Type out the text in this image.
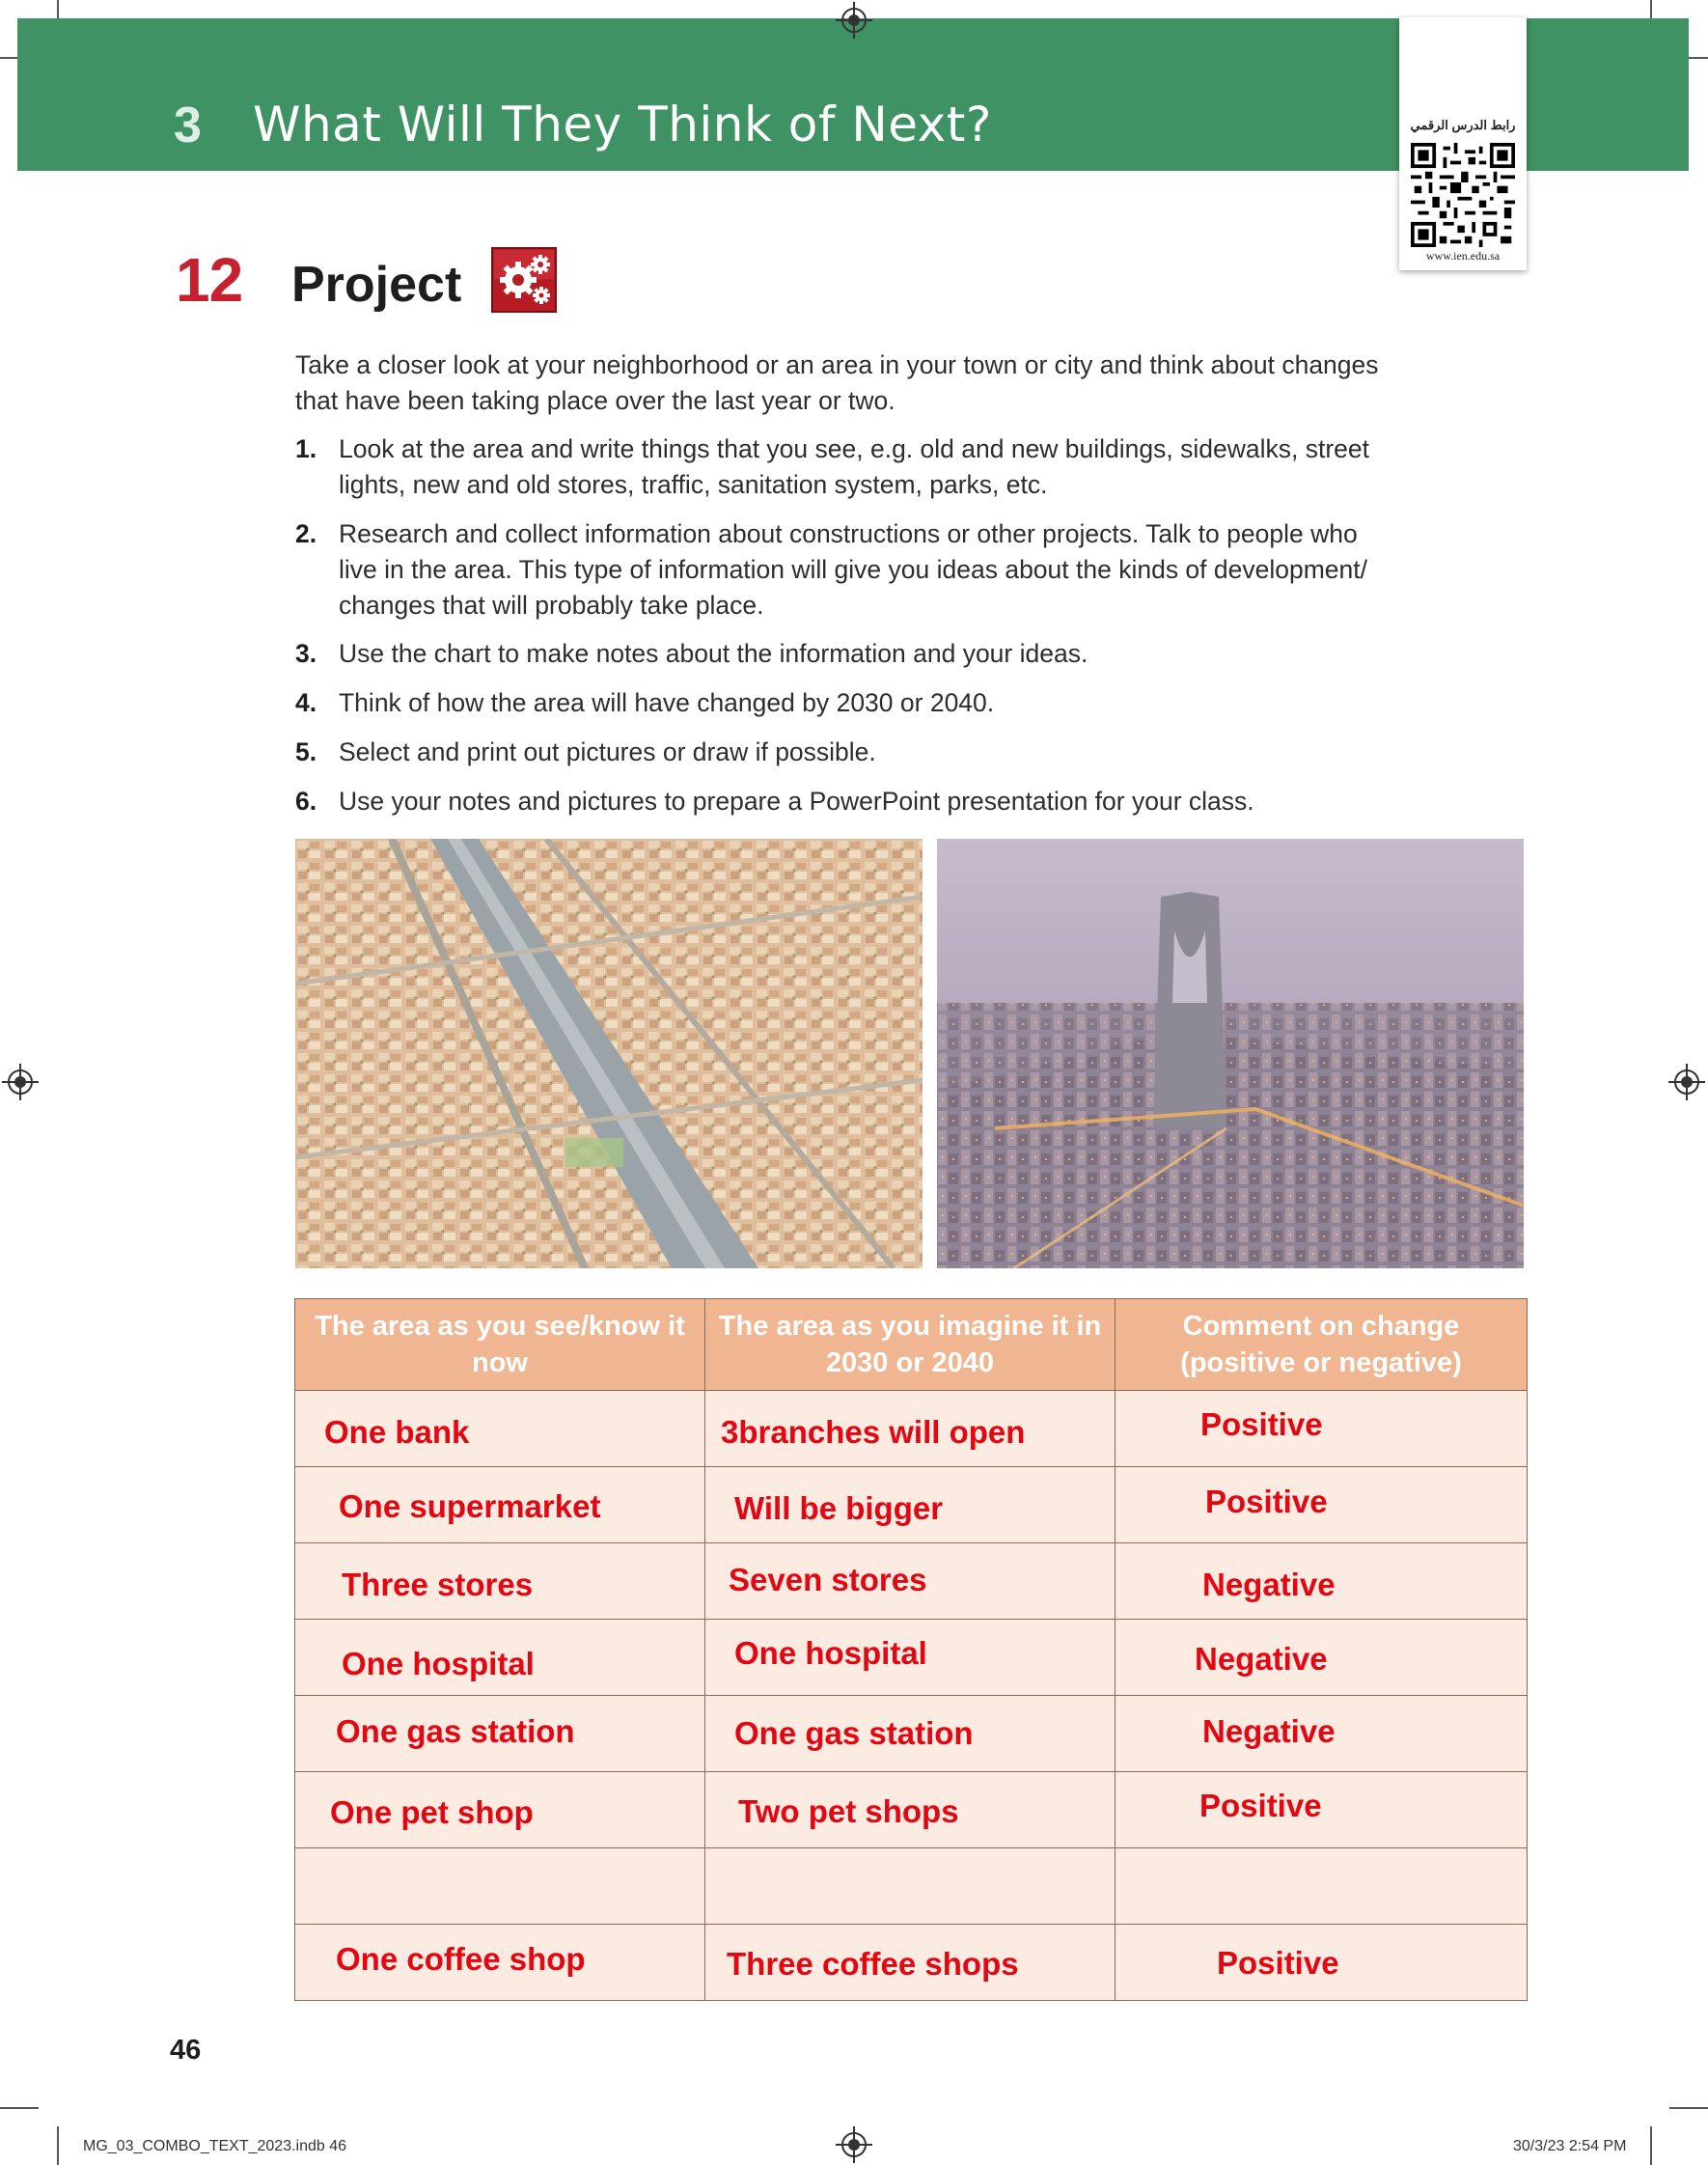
3 What Will They Think of Next?	رابط الدرس الرقمي
www.ien.edu.sa
12 Project
Take a closer look at your neighborhood or an area in your town or city and think about changes that have been taking place over the last year or two.
1. Look at the area and write things that you see, e.g. old and new buildings, sidewalks, street lights, new and old stores, traffic, sanitation system, parks, etc.
2. Research and collect information about constructions or other projects. Talk to people who live in the area. This type of information will give you ideas about the kinds of development/ changes that will probably take place.
3. Use the chart to make notes about the information and your ideas.
4. Think of how the area will have changed by 2030 or 2040.
5. Select and print out pictures or draw if possible.
6. Use your notes and pictures to prepare a PowerPoint presentation for your class.
The area as you see/know it now	The area as you imagine it in 2030 or 2040	Comment on change (positive or negative)

One bank	3branches will open	Positive

One supermarket	Will be bigger	Positive

Three stores	Seven stores	Negative

One hospital	One hospital	Negative

One gas station	One gas station	Negative

One pet shop	Two pet shops	Positive

One coffee shop	Three coffee shops	Positive
46
MG_03_COMBO_TEXT_2023.indb 46	30/3/23 2:54 PM
